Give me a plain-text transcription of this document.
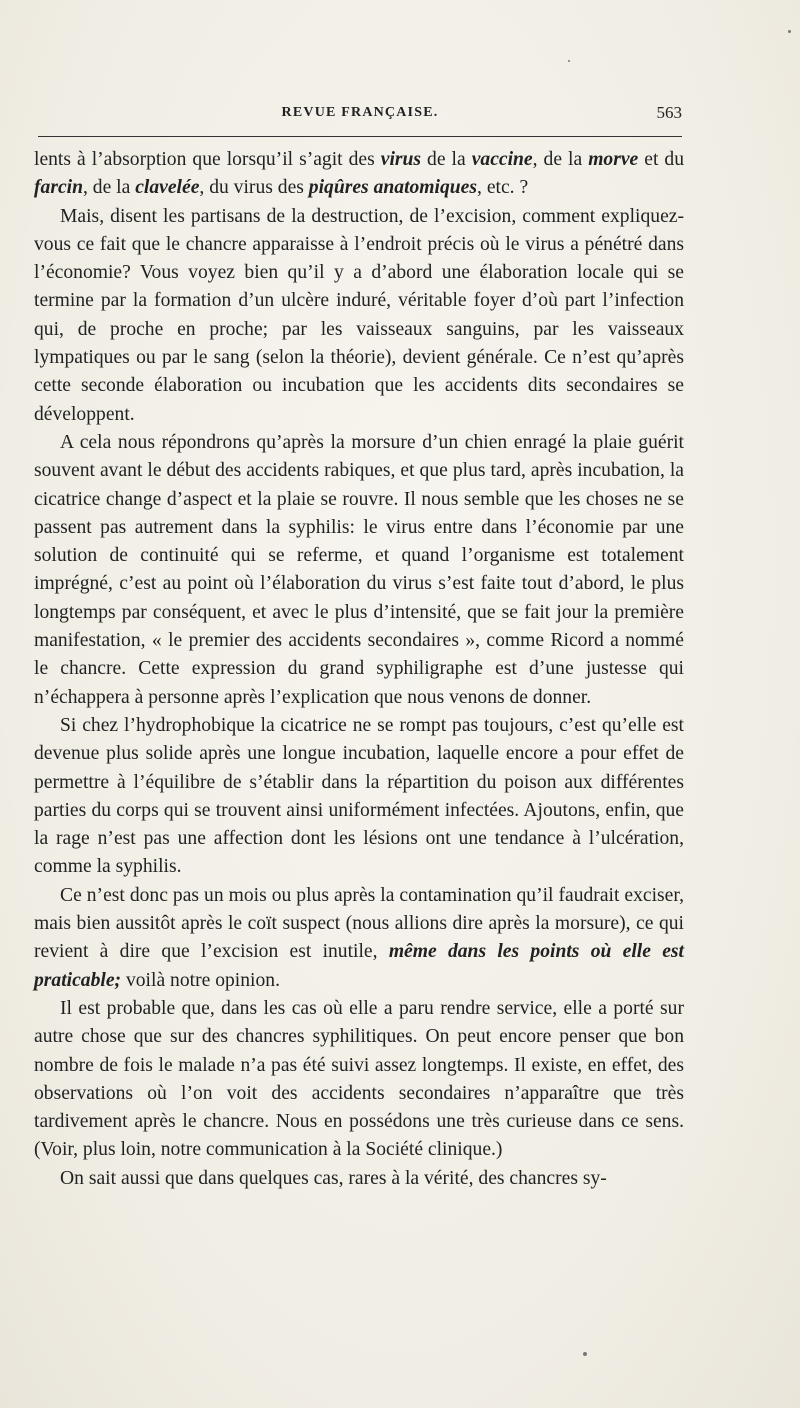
REVUE FRANÇAISE.	563

lents à l’absorption que lorsqu’il s’agit des virus de la vaccine, de la morve et du farcin, de la clavelée, du virus des piqûres anatomiques, etc. ?

Mais, disent les partisans de la destruction, de l’excision, comment expliquez-vous ce fait que le chancre apparaisse à l’endroit précis où le virus a pénétré dans l’économie? Vous voyez bien qu’il y a d’abord une élaboration locale qui se termine par la formation d’un ulcère induré, véritable foyer d’où part l’infection qui, de proche en proche; par les vaisseaux sanguins, par les vaisseaux lympatiques ou par le sang (selon la théorie), devient générale. Ce n’est qu’après cette seconde élaboration ou incubation que les accidents dits secondaires se développent.

A cela nous répondrons qu’après la morsure d’un chien enragé la plaie guérit souvent avant le début des accidents rabiques, et que plus tard, après incubation, la cicatrice change d’aspect et la plaie se rouvre. Il nous semble que les choses ne se passent pas autrement dans la syphilis: le virus entre dans l’économie par une solution de continuité qui se referme, et quand l’organisme est totalement imprégné, c’est au point où l’élaboration du virus s’est faite tout d’abord, le plus longtemps par conséquent, et avec le plus d’intensité, que se fait jour la première manifestation, « le premier des accidents secondaires », comme Ricord a nommé le chancre. Cette expression du grand syphiligraphe est d’une justesse qui n’échappera à personne après l’explication que nous venons de donner.

Si chez l’hydrophobique la cicatrice ne se rompt pas toujours, c’est qu’elle est devenue plus solide après une longue incubation, laquelle encore a pour effet de permettre à l’équilibre de s’établir dans la répartition du poison aux différentes parties du corps qui se trouvent ainsi uniformément infectées. Ajoutons, enfin, que la rage n’est pas une affection dont les lésions ont une tendance à l’ulcération, comme la syphilis.

Ce n’est donc pas un mois ou plus après la contamination qu’il faudrait exciser, mais bien aussitôt après le coït suspect (nous allions dire après la morsure), ce qui revient à dire que l’excision est inutile, même dans les points où elle est praticable; voilà notre opinion.

Il est probable que, dans les cas où elle a paru rendre service, elle a porté sur autre chose que sur des chancres syphilitiques. On peut encore penser que bon nombre de fois le malade n’a pas été suivi assez longtemps. Il existe, en effet, des observations où l’on voit des accidents secondaires n’apparaître que très tardivement après le chancre. Nous en possédons une très curieuse dans ce sens. (Voir, plus loin, notre communication à la Société clinique.)

On sait aussi que dans quelques cas, rares à la vérité, des chancres sy-
